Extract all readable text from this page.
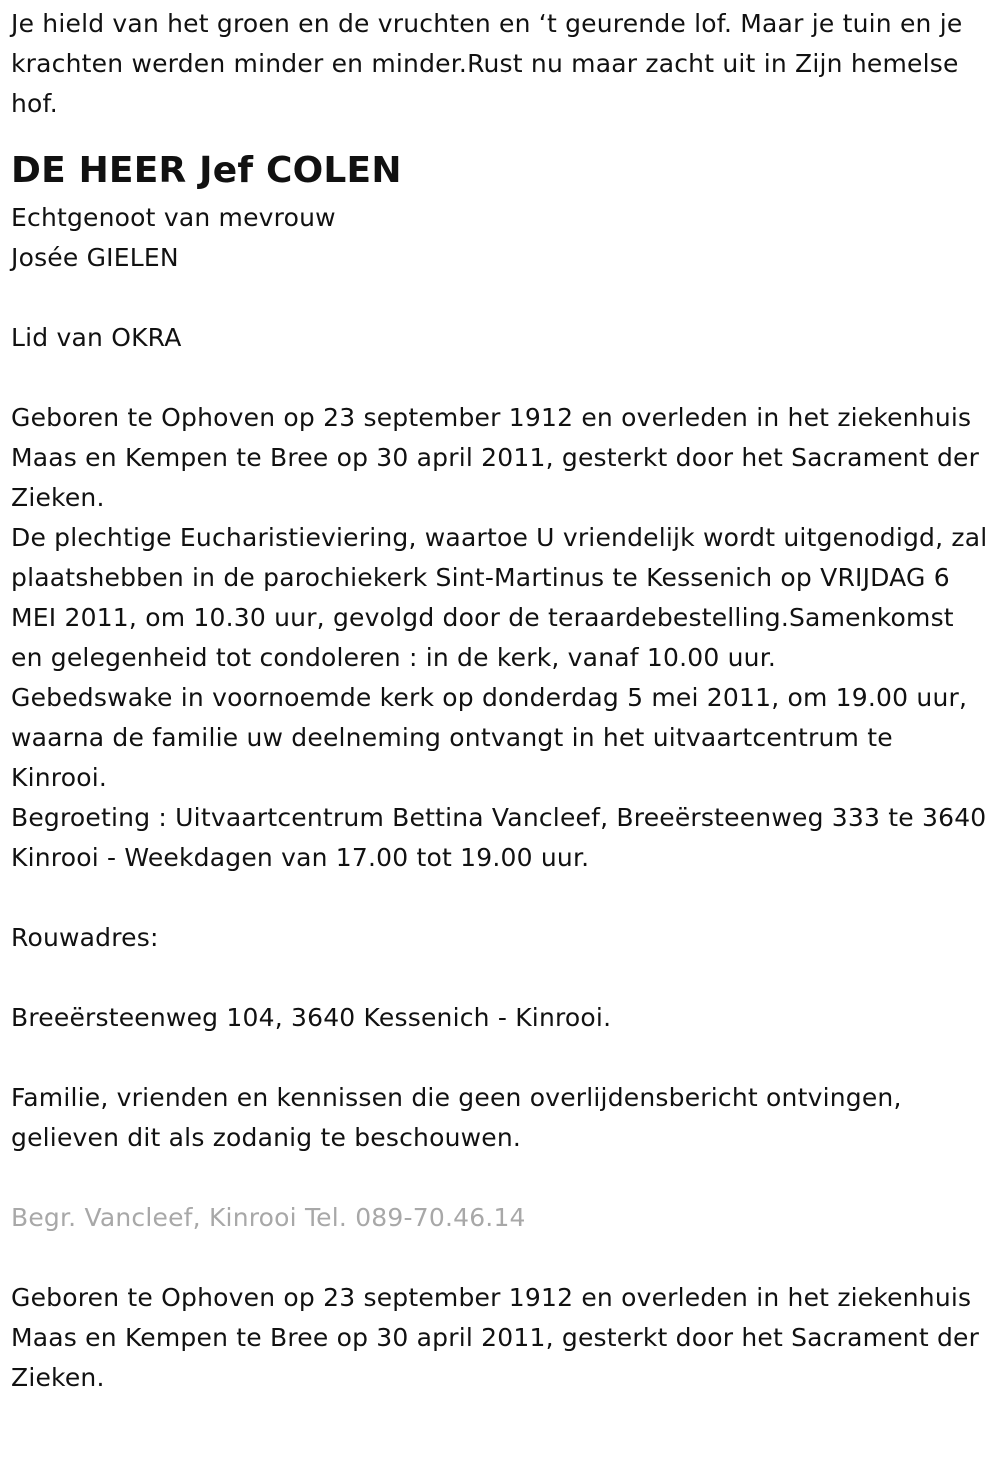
Je hield van het groen en de vruchten en ‘t geurende lof. Maar je tuin en je krachten werden minder en minder.Rust nu maar zacht uit in Zijn hemelse hof.

DE HEER Jef COLEN

Echtgenoot van mevrouw

Josée GIELEN

Lid van OKRA

Geboren te Ophoven op 23 september 1912 en overleden in het ziekenhuis Maas en Kempen te Bree op 30 april 2011, gesterkt door het Sacrament der Zieken.

De plechtige Eucharistieviering, waartoe U vriendelijk wordt uitgenodigd, zal plaatshebben in de parochiekerk Sint-Martinus te Kessenich op VRIJDAG 6 MEI 2011, om 10.30 uur, gevolgd door de teraardebestelling.Samenkomst en gelegenheid tot condoleren : in de kerk, vanaf 10.00 uur.

Gebedswake in voornoemde kerk op donderdag 5 mei 2011, om 19.00 uur, waarna de familie uw deelneming ontvangt in het uitvaartcentrum te Kinrooi.

Begroeting : Uitvaartcentrum Bettina Vancleef, Breeërsteenweg 333 te 3640 Kinrooi - Weekdagen van 17.00 tot 19.00 uur.

Rouwadres:

Breeërsteenweg 104, 3640 Kessenich - Kinrooi.

Familie, vrienden en kennissen die geen overlijdensbericht ontvingen, gelieven dit als zodanig te beschouwen.

Begr. Vancleef, Kinrooi Tel. 089-70.46.14

Geboren te Ophoven op 23 september 1912 en overleden in het ziekenhuis Maas en Kempen te Bree op 30 april 2011, gesterkt door het Sacrament der Zieken.
